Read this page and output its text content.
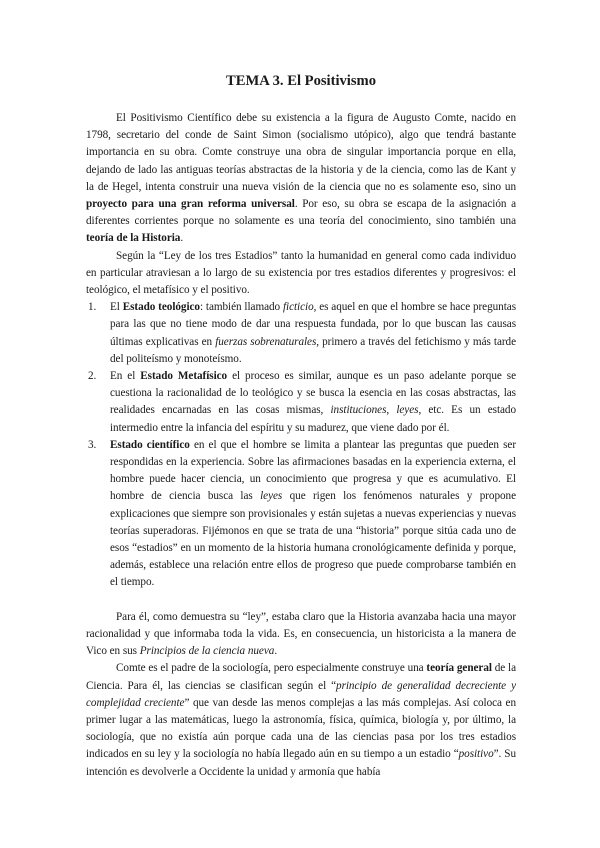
TEMA 3. El Positivismo

El Positivismo Científico debe su existencia a la figura de Augusto Comte, nacido en 1798, secretario del conde de Saint Simon (socialismo utópico), algo que tendrá bastante importancia en su obra. Comte construye una obra de singular importancia porque en ella, dejando de lado las antiguas teorías abstractas de la historia y de la ciencia, como las de Kant y la de Hegel, intenta construir una nueva visión de la ciencia que no es solamente eso, sino un proyecto para una gran reforma universal. Por eso, su obra se escapa de la asignación a diferentes corrientes porque no solamente es una teoría del conocimiento, sino también una teoría de la Historia.

Según la “Ley de los tres Estadios” tanto la humanidad en general como cada individuo en particular atraviesan a lo largo de su existencia por tres estadios diferentes y progresivos: el teológico, el metafísico y el positivo.

1. El Estado teológico: también llamado ficticio, es aquel en que el hombre se hace preguntas para las que no tiene modo de dar una respuesta fundada, por lo que buscan las causas últimas explicativas en fuerzas sobrenaturales, primero a través del fetichismo y más tarde del politeísmo y monoteísmo.
2. En el Estado Metafísico el proceso es similar, aunque es un paso adelante porque se cuestiona la racionalidad de lo teológico y se busca la esencia en las cosas abstractas, las realidades encarnadas en las cosas mismas, instituciones, leyes, etc. Es un estado intermedio entre la infancia del espíritu y su madurez, que viene dado por él.
3. Estado científico en el que el hombre se limita a plantear las preguntas que pueden ser respondidas en la experiencia. Sobre las afirmaciones basadas en la experiencia externa, el hombre puede hacer ciencia, un conocimiento que progresa y que es acumulativo. El hombre de ciencia busca las leyes que rigen los fenómenos naturales y propone explicaciones que siempre son provisionales y están sujetas a nuevas experiencias y nuevas teorías superadoras. Fijémonos en que se trata de una “historia” porque sitúa cada uno de esos “estadios” en un momento de la historia humana cronológicamente definida y porque, además, establece una relación entre ellos de progreso que puede comprobarse también en el tiempo.

Para él, como demuestra su “ley”, estaba claro que la Historia avanzaba hacia una mayor racionalidad y que informaba toda la vida. Es, en consecuencia, un historicista a la manera de Vico en sus Principios de la ciencia nueva.

Comte es el padre de la sociología, pero especialmente construye una teoría general de la Ciencia. Para él, las ciencias se clasifican según el “principio de generalidad decreciente y complejidad creciente” que van desde las menos complejas a las más complejas. Así coloca en primer lugar a las matemáticas, luego la astronomía, física, química, biología y, por último, la sociología, que no existía aún porque cada una de las ciencias pasa por los tres estadios indicados en su ley y la sociología no había llegado aún en su tiempo a un estadio “positivo”. Su intención es devolverle a Occidente la unidad y armonía que había
